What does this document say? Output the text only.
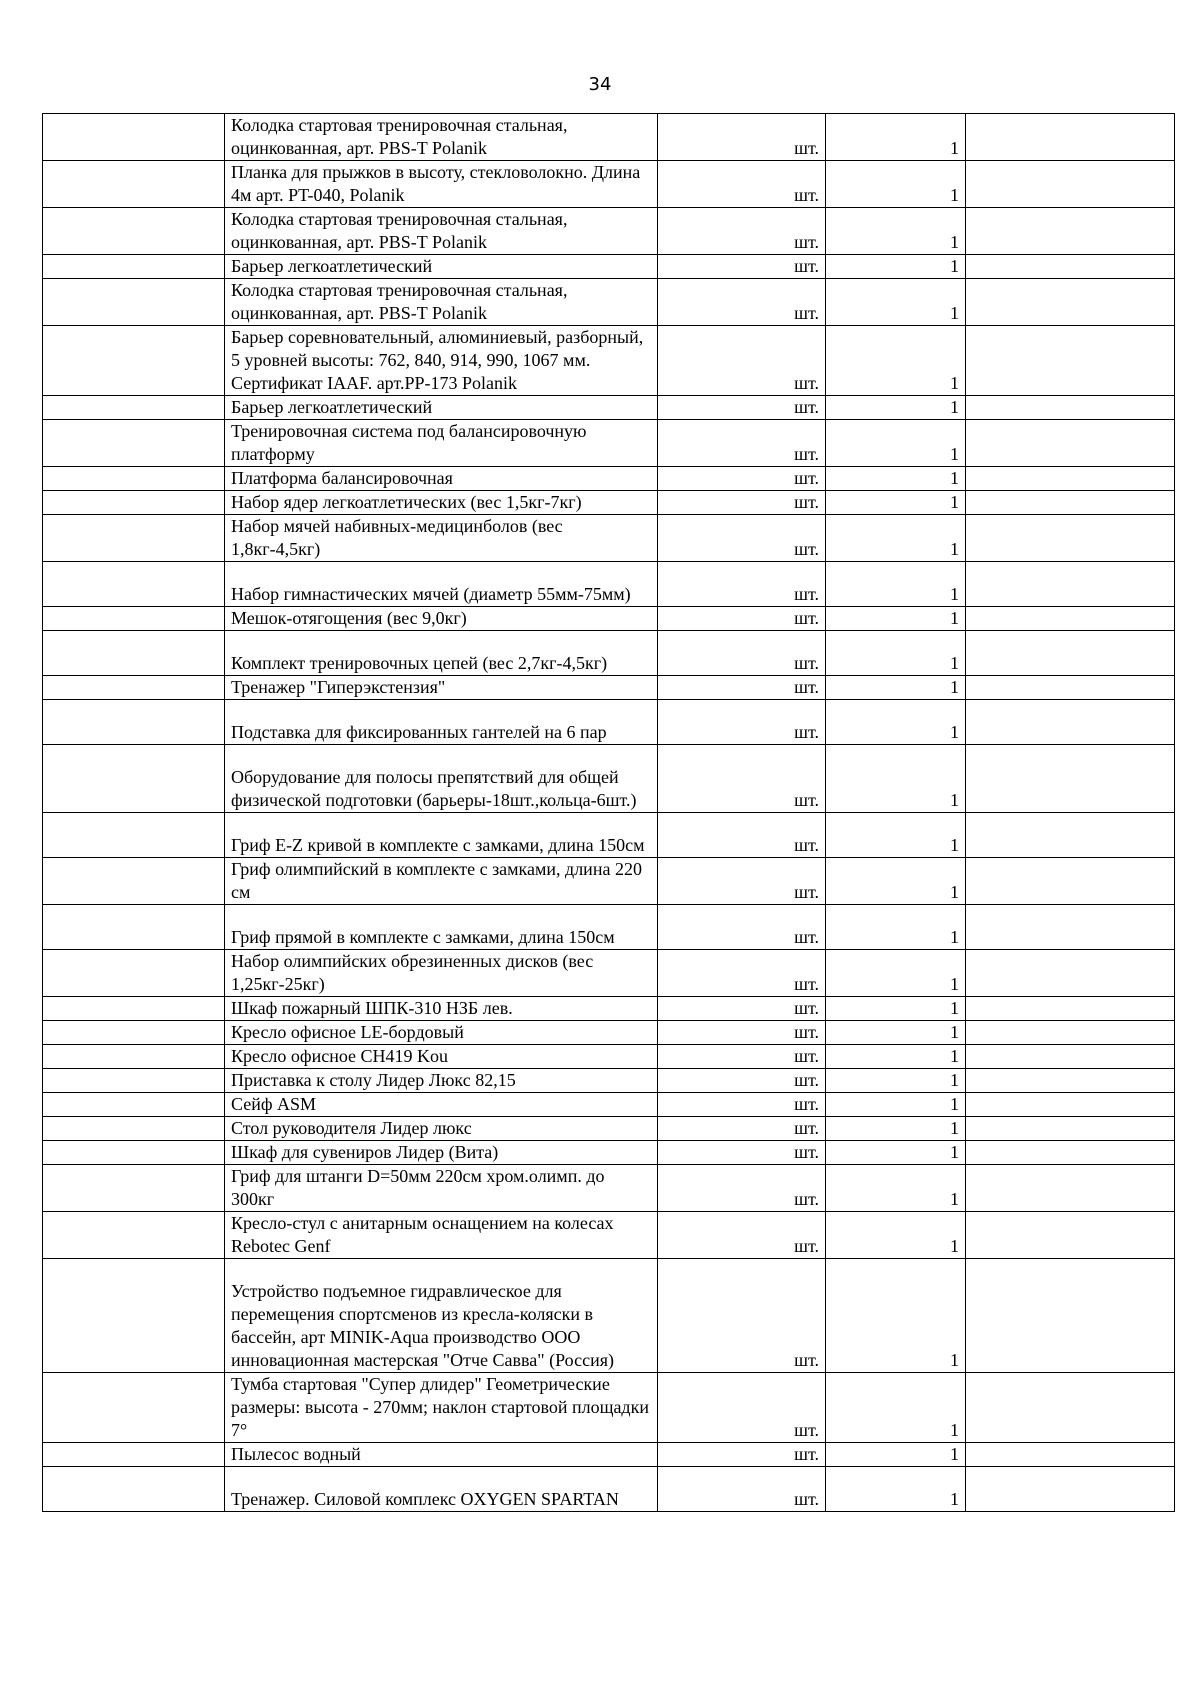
34
	Колодка стартовая тренировочная стальная, оцинкованная, арт. PBS-T Polanik	шт.	1	
	Планка для прыжков в высоту, стекловолокно. Длина 4м арт. PT-040, Polanik	шт.	1	
	Колодка стартовая тренировочная стальная, оцинкованная, арт. PBS-T Polanik	шт.	1	
	Барьер легкоатлетический	шт.	1	
	Колодка стартовая тренировочная стальная, оцинкованная, арт. PBS-T Polanik	шт.	1	
	Барьер соревновательный, алюминиевый, разборный, 5 уровней высоты: 762, 840, 914, 990, 1067 мм. Сертификат IAAF. арт.PP-173 Polanik	шт.	1	
	Барьер легкоатлетический	шт.	1	
	Тренировочная система под балансировочную платформу	шт.	1	
	Платформа балансировочная	шт.	1	
	Набор ядер легкоатлетических (вес 1,5кг-7кг)	шт.	1	
	Набор мячей набивных-медицинболов (вес 1,8кг-4,5кг)	шт.	1	
	Набор гимнастических мячей (диаметр 55мм-75мм)	шт.	1	
	Мешок-отягощения (вес 9,0кг)	шт.	1	
	Комплект тренировочных цепей (вес 2,7кг-4,5кг)	шт.	1	
	Тренажер "Гиперэкстензия"	шт.	1	
	Подставка для фиксированных гантелей на 6 пар	шт.	1	
	Оборудование для полосы препятствий для общей физической подготовки (барьеры-18шт.,кольца-6шт.)	шт.	1	
	Гриф E-Z кривой в комплекте с замками, длина 150см	шт.	1	
	Гриф олимпийский в комплекте с замками, длина 220 см	шт.	1	
	Гриф прямой в комплекте с замками, длина 150см	шт.	1	
	Набор олимпийских обрезиненных дисков (вес 1,25кг-25кг)	шт.	1	
	Шкаф пожарный ШПК-310 НЗБ лев.	шт.	1	
	Кресло офисное LE-бордовый	шт.	1	
	Кресло офисное CH419 Kou	шт.	1	
	Приставка к столу Лидер Люкс 82,15	шт.	1	
	Сейф ASM	шт.	1	
	Стол руководителя Лидер люкс	шт.	1	
	Шкаф для сувениров Лидер (Вита)	шт.	1	
	Гриф для штанги D=50мм 220см хром.олимп. до 300кг	шт.	1	
	Кресло-стул с анитарным оснащением на колесах Rebotec Genf	шт.	1	
	Устройство подъемное гидравлическое для перемещения спортсменов из кресла-коляски в бассейн, арт MINIK-Aqua производство ООО инновационная мастерская "Отче Савва" (Россия)	шт.	1	
	Тумба стартовая "Супер длидер" Геометрические размеры: высота - 270мм; наклон стартовой площадки 7°	шт.	1	
	Пылесос водный	шт.	1	
	Тренажер. Силовой комплекс OXYGEN SPARTAN	шт.	1	
